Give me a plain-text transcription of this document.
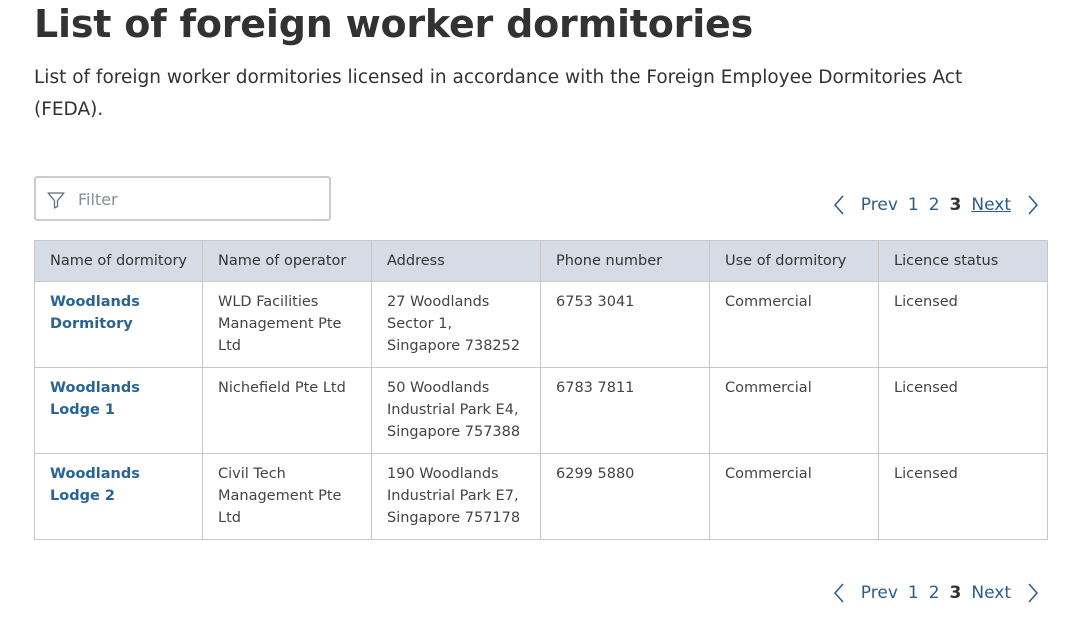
List of foreign worker dormitories

List of foreign worker dormitories licensed in accordance with the Foreign Employee Dormitories Act (FEDA).

Filter
Prev 1 2 3 Next
Name of dormitory	Name of operator	Address	Phone number	Use of dormitory	Licence status
Woodlands Dormitory	WLD Facilities Management Pte Ltd	27 Woodlands Sector 1, Singapore 738252	6753 3041	Commercial	Licensed
Woodlands Lodge 1	Nichefield Pte Ltd	50 Woodlands Industrial Park E4, Singapore 757388	6783 7811	Commercial	Licensed
Woodlands Lodge 2	Civil Tech Management Pte Ltd	190 Woodlands Industrial Park E7, Singapore 757178	6299 5880	Commercial	Licensed
Prev 1 2 3 Next
